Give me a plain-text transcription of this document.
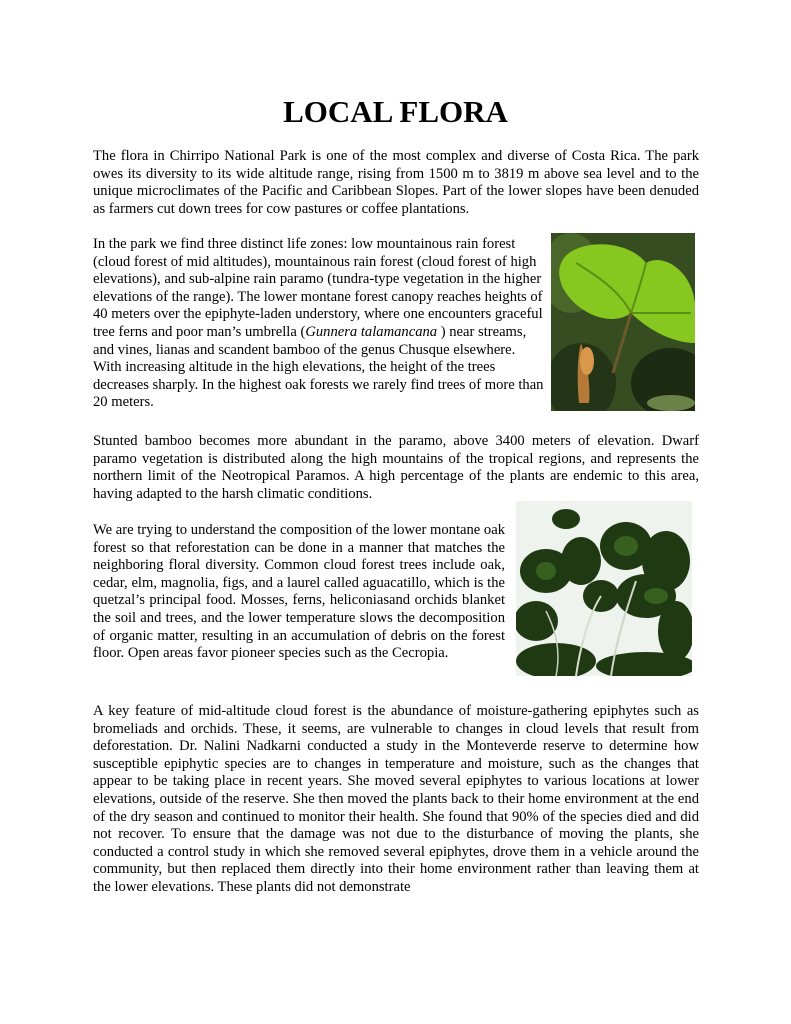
LOCAL FLORA

The flora in Chirripo National Park is one of the most complex and diverse of Costa Rica. The park owes its diversity to its wide altitude range, rising from 1500 m to 3819 m above sea level and to the unique microclimates of the Pacific and Caribbean Slopes. Part of the lower slopes have been denuded as farmers cut down trees for cow pastures or coffee plantations.

In the park we find three distinct life zones: low mountainous rain forest (cloud forest of mid altitudes), mountainous rain forest (cloud forest of high elevations), and sub-alpine rain paramo (tundra-type vegetation in the higher elevations of the range). The lower montane forest canopy reaches heights of 40 meters over the epiphyte-laden understory, where one encounters graceful tree ferns and poor man’s umbrella (Gunnera talamancana ) near streams, and vines, lianas and scandent bamboo of the genus Chusque elsewhere. With increasing altitude in the high elevations, the height of the trees decreases sharply. In the highest oak forests we rarely find trees of more than 20 meters.

Stunted bamboo becomes more abundant in the paramo, above 3400 meters of elevation. Dwarf paramo vegetation is distributed along the high mountains of the tropical regions, and represents the northern limit of the Neotropical Paramos. A high percentage of the plants are endemic to this area, having adapted to the harsh climatic conditions.

We are trying to understand the composition of the lower montane oak forest so that reforestation can be done in a manner that matches the neighboring floral diversity. Common cloud forest trees include oak, cedar, elm, magnolia, figs, and a laurel called aguacatillo, which is the quetzal’s principal food. Mosses, ferns, heliconiasand orchids blanket the soil and trees, and the lower temperature slows the decomposition of organic matter, resulting in an accumulation of debris on the forest floor. Open areas favor pioneer species such as the Cecropia.

A key feature of mid-altitude cloud forest is the abundance of moisture-gathering epiphytes such as bromeliads and orchids. These, it seems, are vulnerable to changes in cloud levels that result from deforestation. Dr. Nalini Nadkarni conducted a study in the Monteverde reserve to determine how susceptible epiphytic species are to changes in temperature and moisture, such as the changes that appear to be taking place in recent years. She moved several epiphytes to various locations at lower elevations, outside of the reserve. She then moved the plants back to their home environment at the end of the dry season and continued to monitor their health. She found that 90% of the species died and did not recover. To ensure that the damage was not due to the disturbance of moving the plants, she conducted a control study in which she removed several epiphytes, drove them in a vehicle around the community, but then replaced them directly into their home environment rather than leaving them at the lower elevations. These plants did not demonstrate
